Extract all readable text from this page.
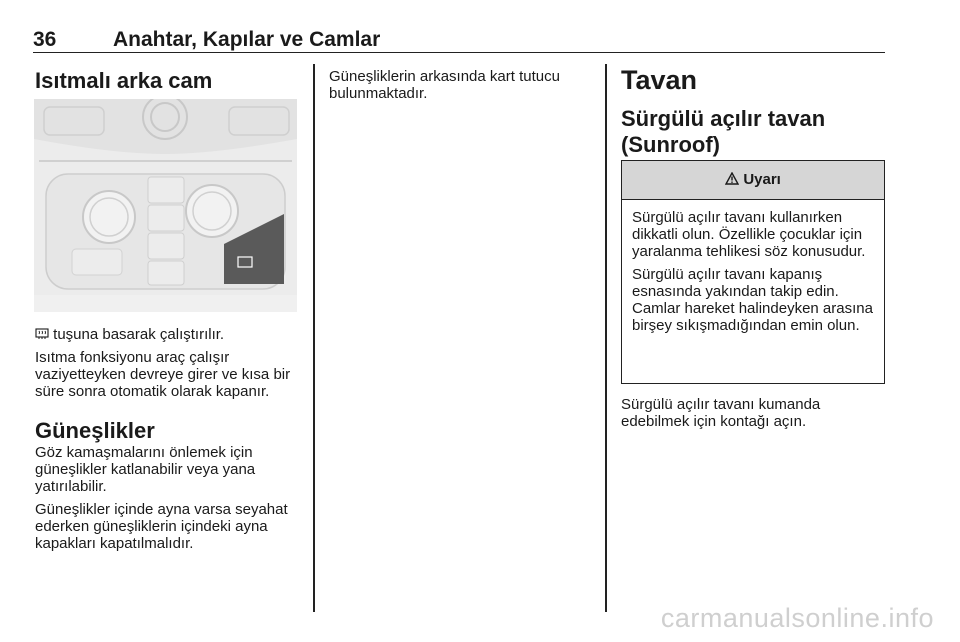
36	Anahtar, Kapılar ve Camlar
Isıtmalı arka cam

tuşuna basarak çalıştırılır.

Isıtma fonksiyonu araç çalışır vaziyetteyken devreye girer ve kısa bir süre sonra otomatik olarak kapanır.

Güneşlikler

Göz kamaşmalarını önlemek için güneşlikler katlanabilir veya yana yatırılabilir.

Güneşlikler içinde ayna varsa seyahat ederken güneşliklerin içindeki ayna kapakları kapatılmalıdır.

Güneşliklerin arkasında kart tutucu bulunmaktadır.	Tavan
Sürgülü açılır tavan
(Sunroof)
Uyarı

Sürgülü açılır tavanı kullanırken dikkatli olun. Özellikle çocuklar için yaralanma tehlikesi söz konusudur.

Sürgülü açılır tavanı kapanış esnasında yakından takip edin. Camlar hareket halindeyken arasına birşey sıkışmadığından emin olun.

Sürgülü açılır tavanı kumanda edebilmek için kontağı açın.

carmanualsonline.info
